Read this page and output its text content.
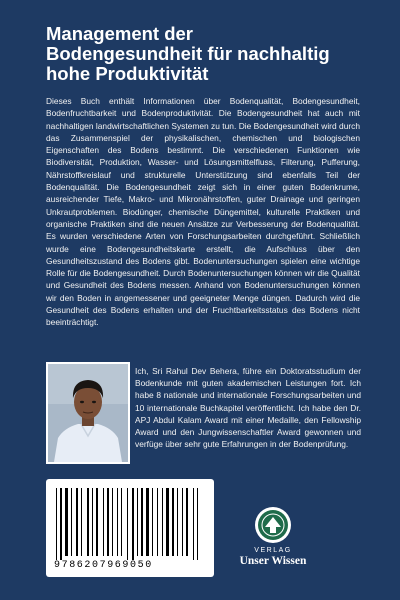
Management der
Bodengesundheit für nachhaltig
hohe Produktivität
Dieses Buch enthält Informationen über Bodenqualität, Bodengesundheit, Bodenfruchtbarkeit und Bodenproduktivität. Die Bodengesundheit hat auch mit nachhaltigen landwirtschaftlichen Systemen zu tun. Die Bodengesundheit wird durch das Zusammenspiel der physikalischen, chemischen und biologischen Eigenschaften des Bodens bestimmt. Die verschiedenen Funktionen wie Biodiversität, Produktion, Wasser- und Lösungsmittelfluss, Filterung, Pufferung, Nährstoffkreislauf und strukturelle Unterstützung sind ebenfalls Teil der Bodenqualität. Die Bodengesundheit zeigt sich in einer guten Bodenkrume, ausreichender Tiefe, Makro- und Mikronährstoffen, guter Drainage und geringen Unkrautproblemen. Biodünger, chemische Düngemittel, kulturelle Praktiken und organische Praktiken sind die neuen Ansätze zur Verbesserung der Bodenqualität. Es wurden verschiedene Arten von Forschungsarbeiten durchgeführt. Schließlich wurde eine Bodengesundheitskarte erstellt, die Aufschluss über den Gesundheitszustand des Bodens gibt. Bodenuntersuchungen spielen eine wichtige Rolle für die Bodengesundheit. Durch Bodenuntersuchungen können wir die Qualität und Gesundheit des Bodens messen. Anhand von Bodenuntersuchungen können wir den Boden in angemessener und geeigneter Menge düngen. Dadurch wird die Gesundheit des Bodens erhalten und der Fruchtbarkeitsstatus des Bodens nicht beeinträchtigt.
Ich, Sri Rahul Dev Behera, führe ein Doktoratsstudium der Bodenkunde mit guten akademischen Leistungen fort. Ich habe 8 nationale und internationale Forschungsarbeiten und 10 internationale Buchkapitel veröffentlicht. Ich habe den Dr. APJ Abdul Kalam Award mit einer Medaille, den Fellowship Award und den Jungwissenschaftler Award gewonnen und verfüge über sehr gute Erfahrungen in der Bodenprüfung.
9786207969050
VERLAG
Unser Wissen
